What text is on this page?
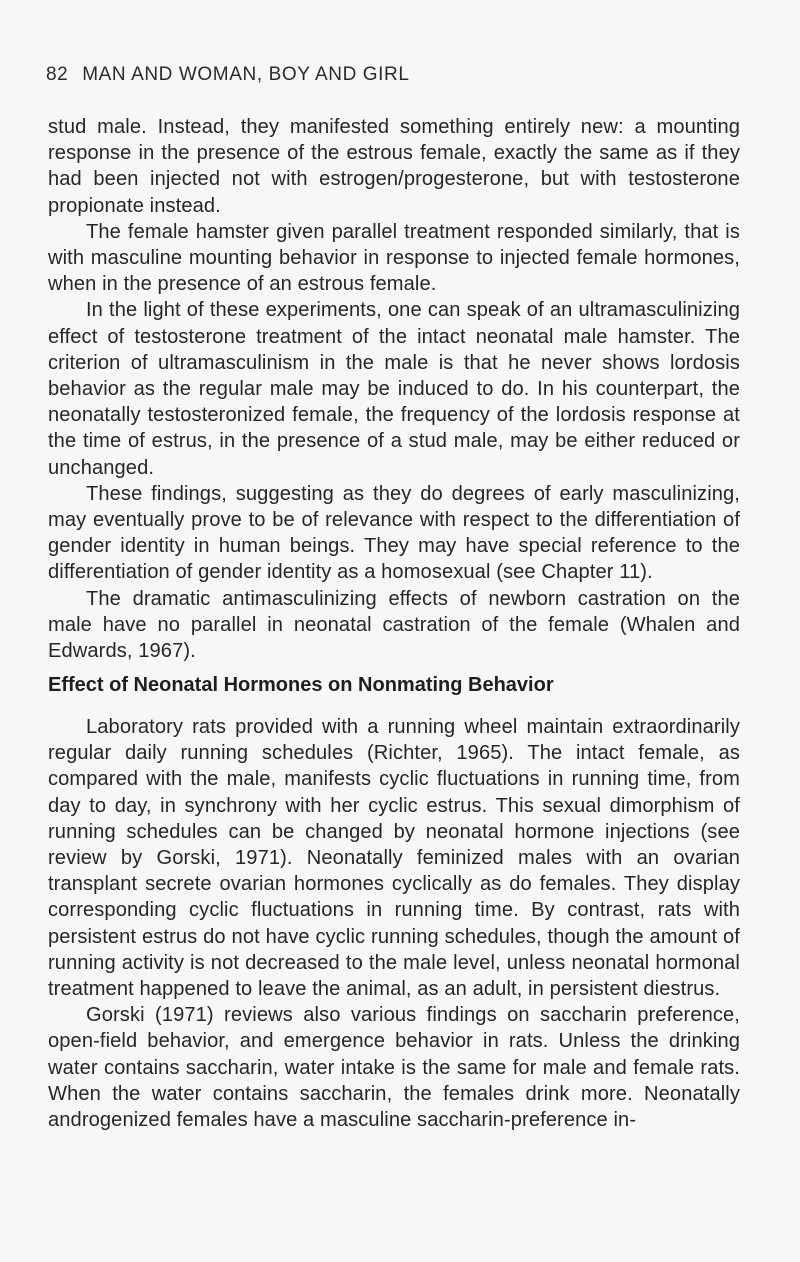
82 MAN AND WOMAN, BOY AND GIRL

stud male. Instead, they manifested something entirely new: a mounting response in the presence of the estrous female, exactly the same as if they had been injected not with estrogen/progesterone, but with testosterone propionate instead.

The female hamster given parallel treatment responded similarly, that is with masculine mounting behavior in response to injected female hormones, when in the presence of an estrous female.

In the light of these experiments, one can speak of an ultramasculinizing effect of testosterone treatment of the intact neonatal male hamster. The criterion of ultramasculinism in the male is that he never shows lordosis behavior as the regular male may be induced to do. In his counterpart, the neonatally testosteronized female, the frequency of the lordosis response at the time of estrus, in the presence of a stud male, may be either reduced or unchanged.

These findings, suggesting as they do degrees of early masculinizing, may eventually prove to be of relevance with respect to the differentiation of gender identity in human beings. They may have special reference to the differentiation of gender identity as a homosexual (see Chapter 11).

The dramatic antimasculinizing effects of newborn castration on the male have no parallel in neonatal castration of the female (Whalen and Edwards, 1967).

Effect of Neonatal Hormones on Nonmating Behavior

Laboratory rats provided with a running wheel maintain extraordinarily regular daily running schedules (Richter, 1965). The intact female, as compared with the male, manifests cyclic fluctuations in running time, from day to day, in synchrony with her cyclic estrus. This sexual dimorphism of running schedules can be changed by neonatal hormone injections (see review by Gorski, 1971). Neonatally feminized males with an ovarian transplant secrete ovarian hormones cyclically as do females. They display corresponding cyclic fluctuations in running time. By contrast, rats with persistent estrus do not have cyclic running schedules, though the amount of running activity is not decreased to the male level, unless neonatal hormonal treatment happened to leave the animal, as an adult, in persistent diestrus.

Gorski (1971) reviews also various findings on saccharin preference, open-field behavior, and emergence behavior in rats. Unless the drinking water contains saccharin, water intake is the same for male and female rats. When the water contains saccharin, the females drink more. Neonatally androgenized females have a masculine saccharin-preference in-
